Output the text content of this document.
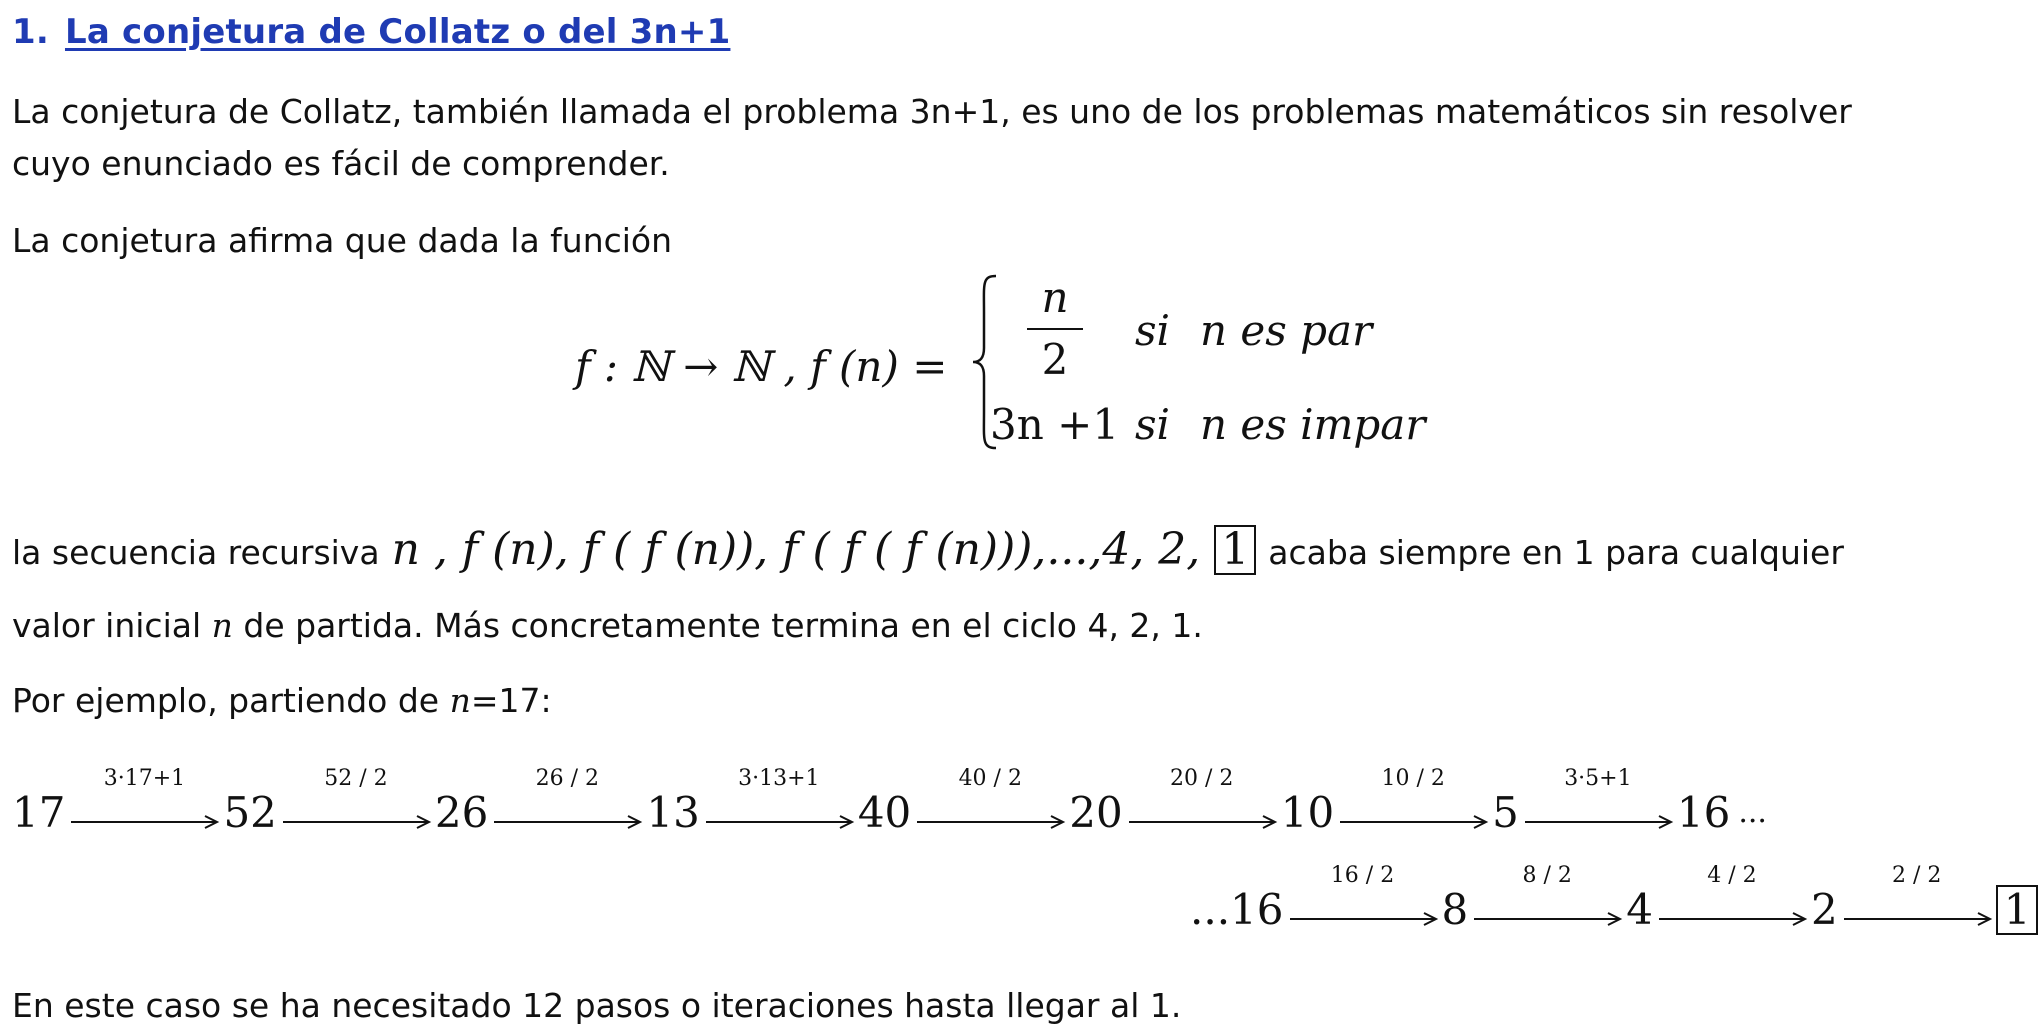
1. La conjetura de Collatz o del 3n+1
La conjetura de Collatz, también llamada el problema 3n+1, es uno de los problemas matemáticos sin resolver
cuyo enunciado es fácil de comprender.
La conjetura afirma que dada la función
f : ℕ → ℕ , f (n) =
n
2
si n es par
3n +1 si n es impar
la secuencia recursiva n , f (n), f ( f (n)), f ( f ( f (n))),...,4, 2, 1 acaba siempre en 1 para cualquier
valor inicial n de partida. Más concretamente termina en el ciclo 4, 2, 1.
Por ejemplo, partiendo de n=17:
17
3·17+1
52
52 / 2
26
26 / 2
13
3·13+1
40
40 / 2
20
20 / 2
10
10 / 2
5
3·5+1
16 ...
...16
16 / 2
8
8 / 2
4
4 / 2
2
2 / 2
1
En este caso se ha necesitado 12 pasos o iteraciones hasta llegar al 1.
